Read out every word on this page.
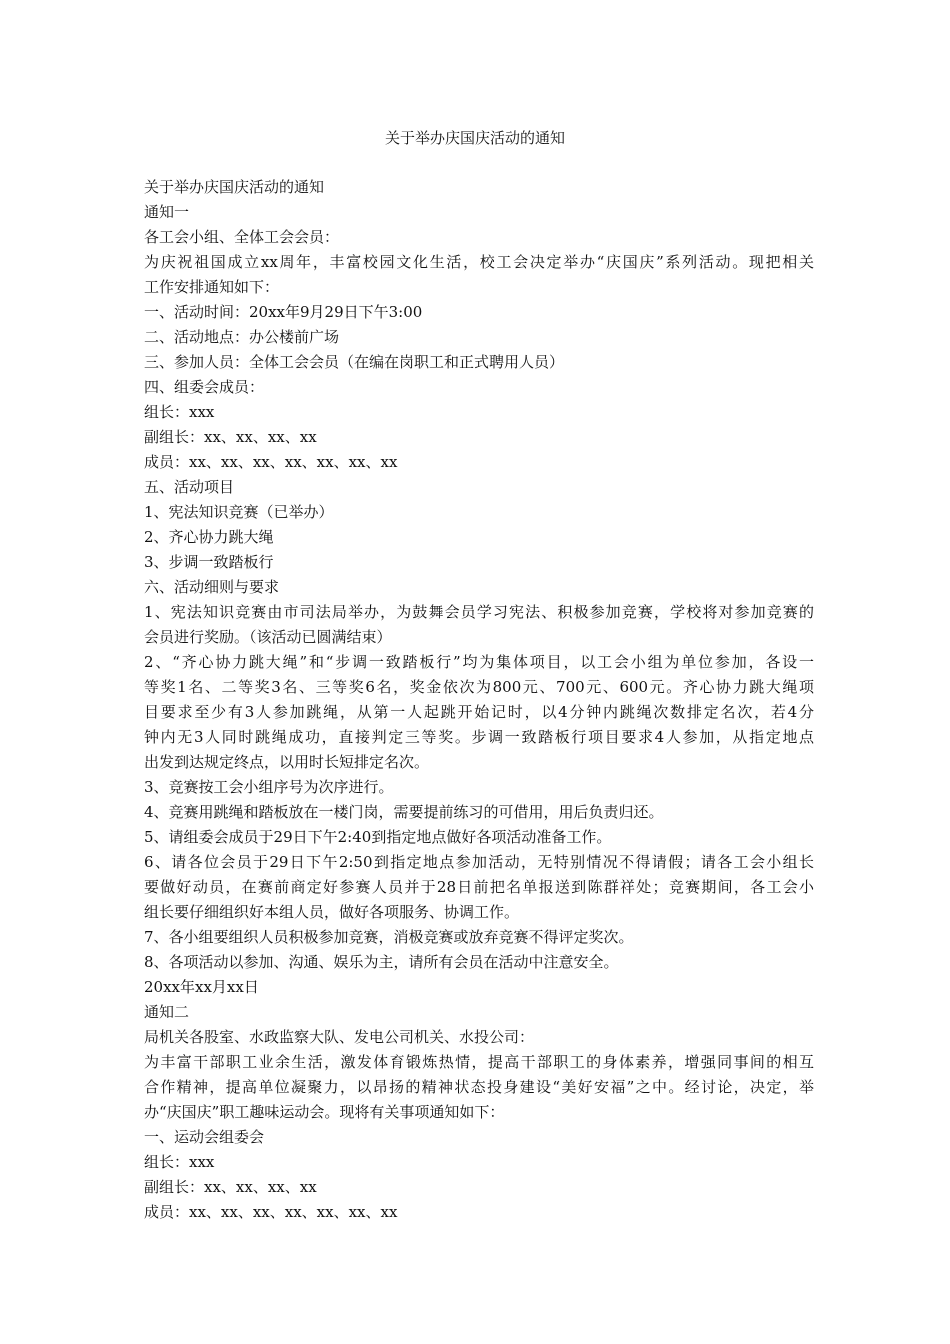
关于举办庆国庆活动的通知
关于举办庆国庆活动的通知
通知一
各工会小组、全体工会会员：
为庆祝祖国成立xx周年，丰富校园文化生活，校工会决定举办“庆国庆”系列活动。现把相关
工作安排通知如下：
一、活动时间：20xx年9月29日下午3:00
二、活动地点：办公楼前广场
三、参加人员：全体工会会员（在编在岗职工和正式聘用人员）
四、组委会成员：
组长：xxx
副组长：xx、xx、xx、xx
成员：xx、xx、xx、xx、xx、xx、xx
五、活动项目
1、宪法知识竞赛（已举办）
2、齐心协力跳大绳
3、步调一致踏板行
六、活动细则与要求
1、宪法知识竞赛由市司法局举办，为鼓舞会员学习宪法、积极参加竞赛，学校将对参加竞赛的
会员进行奖励。（该活动已圆满结束）
2、“齐心协力跳大绳”和“步调一致踏板行”均为集体项目，以工会小组为单位参加，各设一
等奖1名、二等奖3名、三等奖6名，奖金依次为800元、700元、600元。齐心协力跳大绳项
目要求至少有3人参加跳绳，从第一人起跳开始记时，以4分钟内跳绳次数排定名次，若4分
钟内无3人同时跳绳成功，直接判定三等奖。步调一致踏板行项目要求4人参加，从指定地点
出发到达规定终点，以用时长短排定名次。
3、竞赛按工会小组序号为次序进行。
4、竞赛用跳绳和踏板放在一楼门岗，需要提前练习的可借用，用后负责归还。
5、请组委会成员于29日下午2:40到指定地点做好各项活动准备工作。
6、请各位会员于29日下午2:50到指定地点参加活动，无特别情况不得请假；请各工会小组长
要做好动员，在赛前商定好参赛人员并于28日前把名单报送到陈群祥处；竞赛期间，各工会小
组长要仔细组织好本组人员，做好各项服务、协调工作。
7、各小组要组织人员积极参加竞赛，消极竞赛或放弃竞赛不得评定奖次。
8、各项活动以参加、沟通、娱乐为主，请所有会员在活动中注意安全。
20xx年xx月xx日
通知二
局机关各股室、水政监察大队、发电公司机关、水投公司：
为丰富干部职工业余生活，激发体育锻炼热情，提高干部职工的身体素养，增强同事间的相互
合作精神，提高单位凝聚力，以昂扬的精神状态投身建设“美好安福”之中。经讨论，决定，举
办“庆国庆”职工趣味运动会。现将有关事项通知如下：
一、运动会组委会
组长：xxx
副组长：xx、xx、xx、xx
成员：xx、xx、xx、xx、xx、xx、xx
